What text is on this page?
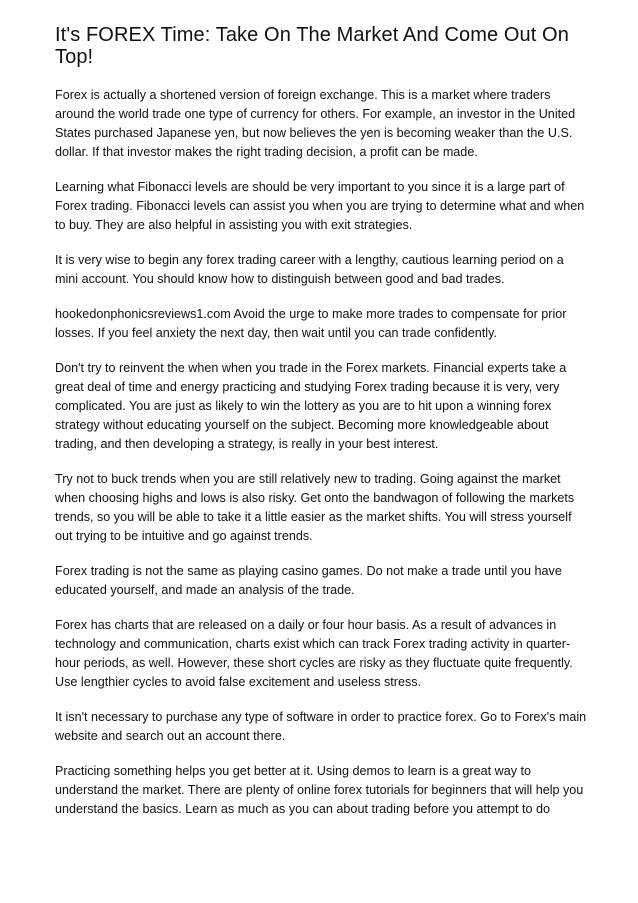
It's FOREX Time: Take On The Market And Come Out On Top!

Forex is actually a shortened version of foreign exchange. This is a market where traders around the world trade one type of currency for others. For example, an investor in the United States purchased Japanese yen, but now believes the yen is becoming weaker than the U.S. dollar. If that investor makes the right trading decision, a profit can be made.

Learning what Fibonacci levels are should be very important to you since it is a large part of Forex trading. Fibonacci levels can assist you when you are trying to determine what and when to buy. They are also helpful in assisting you with exit strategies.

It is very wise to begin any forex trading career with a lengthy, cautious learning period on a mini account. You should know how to distinguish between good and bad trades.

hookedonphonicsreviews1.com Avoid the urge to make more trades to compensate for prior losses. If you feel anxiety the next day, then wait until you can trade confidently.

Don't try to reinvent the when when you trade in the Forex markets. Financial experts take a great deal of time and energy practicing and studying Forex trading because it is very, very complicated. You are just as likely to win the lottery as you are to hit upon a winning forex strategy without educating yourself on the subject. Becoming more knowledgeable about trading, and then developing a strategy, is really in your best interest.

Try not to buck trends when you are still relatively new to trading. Going against the market when choosing highs and lows is also risky. Get onto the bandwagon of following the markets trends, so you will be able to take it a little easier as the market shifts. You will stress yourself out trying to be intuitive and go against trends.

Forex trading is not the same as playing casino games. Do not make a trade until you have educated yourself, and made an analysis of the trade.

Forex has charts that are released on a daily or four hour basis. As a result of advances in technology and communication, charts exist which can track Forex trading activity in quarter-hour periods, as well. However, these short cycles are risky as they fluctuate quite frequently. Use lengthier cycles to avoid false excitement and useless stress.

It isn't necessary to purchase any type of software in order to practice forex. Go to Forex's main website and search out an account there.

Practicing something helps you get better at it. Using demos to learn is a great way to understand the market. There are plenty of online forex tutorials for beginners that will help you understand the basics. Learn as much as you can about trading before you attempt to do
